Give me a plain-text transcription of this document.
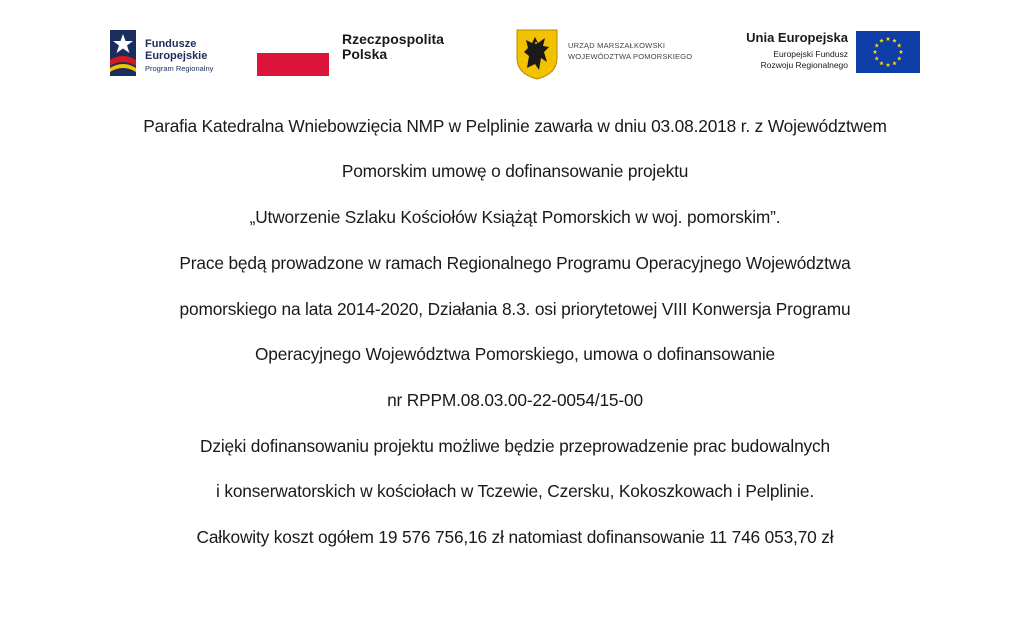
Fundusze
Europejskie
Program Regionalny
Rzeczpospolita
Polska
URZĄD MARSZAŁKOWSKI
WOJEWÓDZTWA POMORSKIEGO
Unia Europejska
Europejski Fundusz
Rozwoju Regionalnego

Parafia Katedralna Wniebowzięcia NMP w Pelplinie zawarła w dniu 03.08.2018 r. z Województwem

Pomorskim umowę o dofinansowanie projektu

„Utworzenie Szlaku Kościołów Książąt Pomorskich w woj. pomorskim”.

Prace będą prowadzone w ramach Regionalnego Programu Operacyjnego Województwa

pomorskiego na lata 2014-2020, Działania 8.3. osi priorytetowej VIII Konwersja Programu

Operacyjnego Województwa Pomorskiego, umowa o dofinansowanie

nr RPPM.08.03.00-22-0054/15-00

Dzięki dofinansowaniu projektu możliwe będzie przeprowadzenie prac budowalnych

i konserwatorskich w kościołach w Tczewie, Czersku, Kokoszkowach i Pelplinie.

Całkowity koszt ogółem 19 576 756,16 zł natomiast dofinansowanie 11 746 053,70 zł
